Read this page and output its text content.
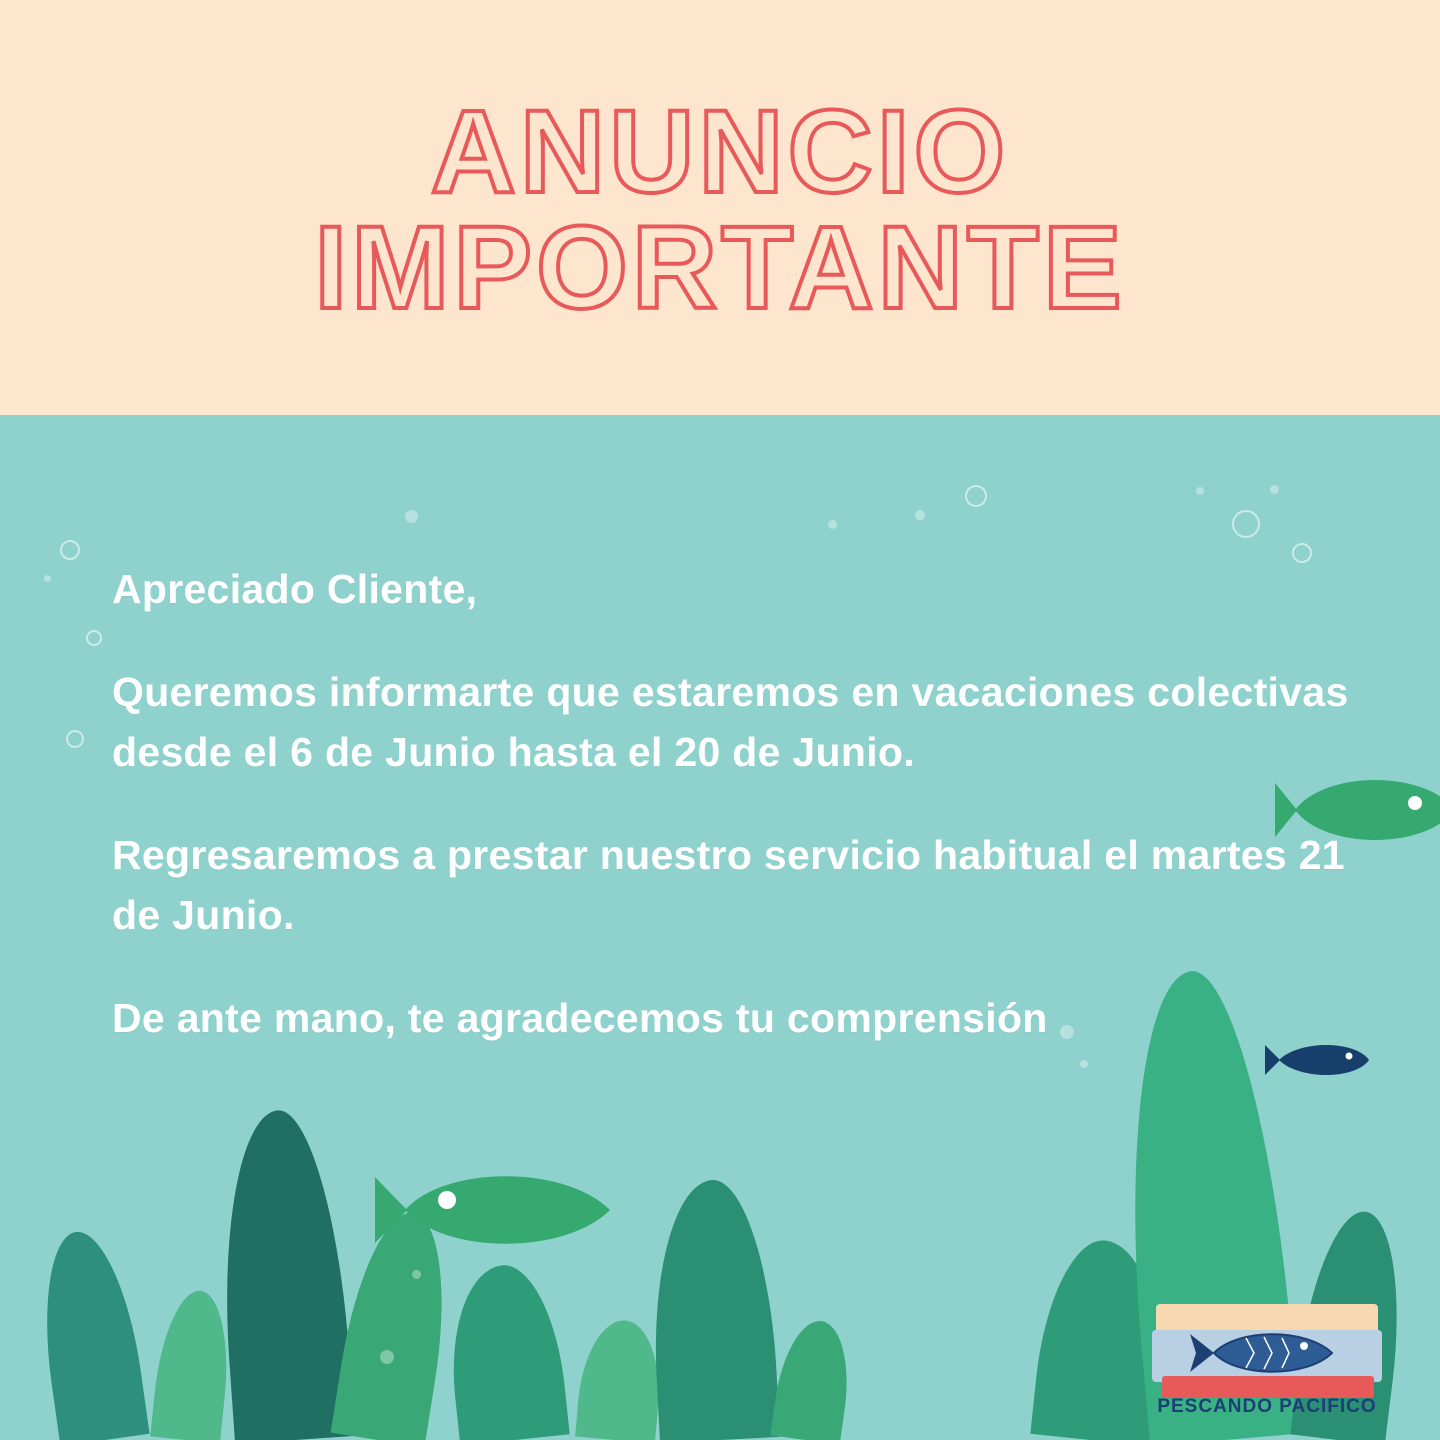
ANUNCIO
IMPORTANTE

Apreciado Cliente,

Queremos informarte que estaremos en vacaciones colectivas desde el 6 de Junio hasta el 20 de Junio.

Regresaremos a prestar nuestro servicio habitual el martes 21 de Junio.

De ante mano, te agradecemos tu comprensión

PESCANDO PACIFICO
